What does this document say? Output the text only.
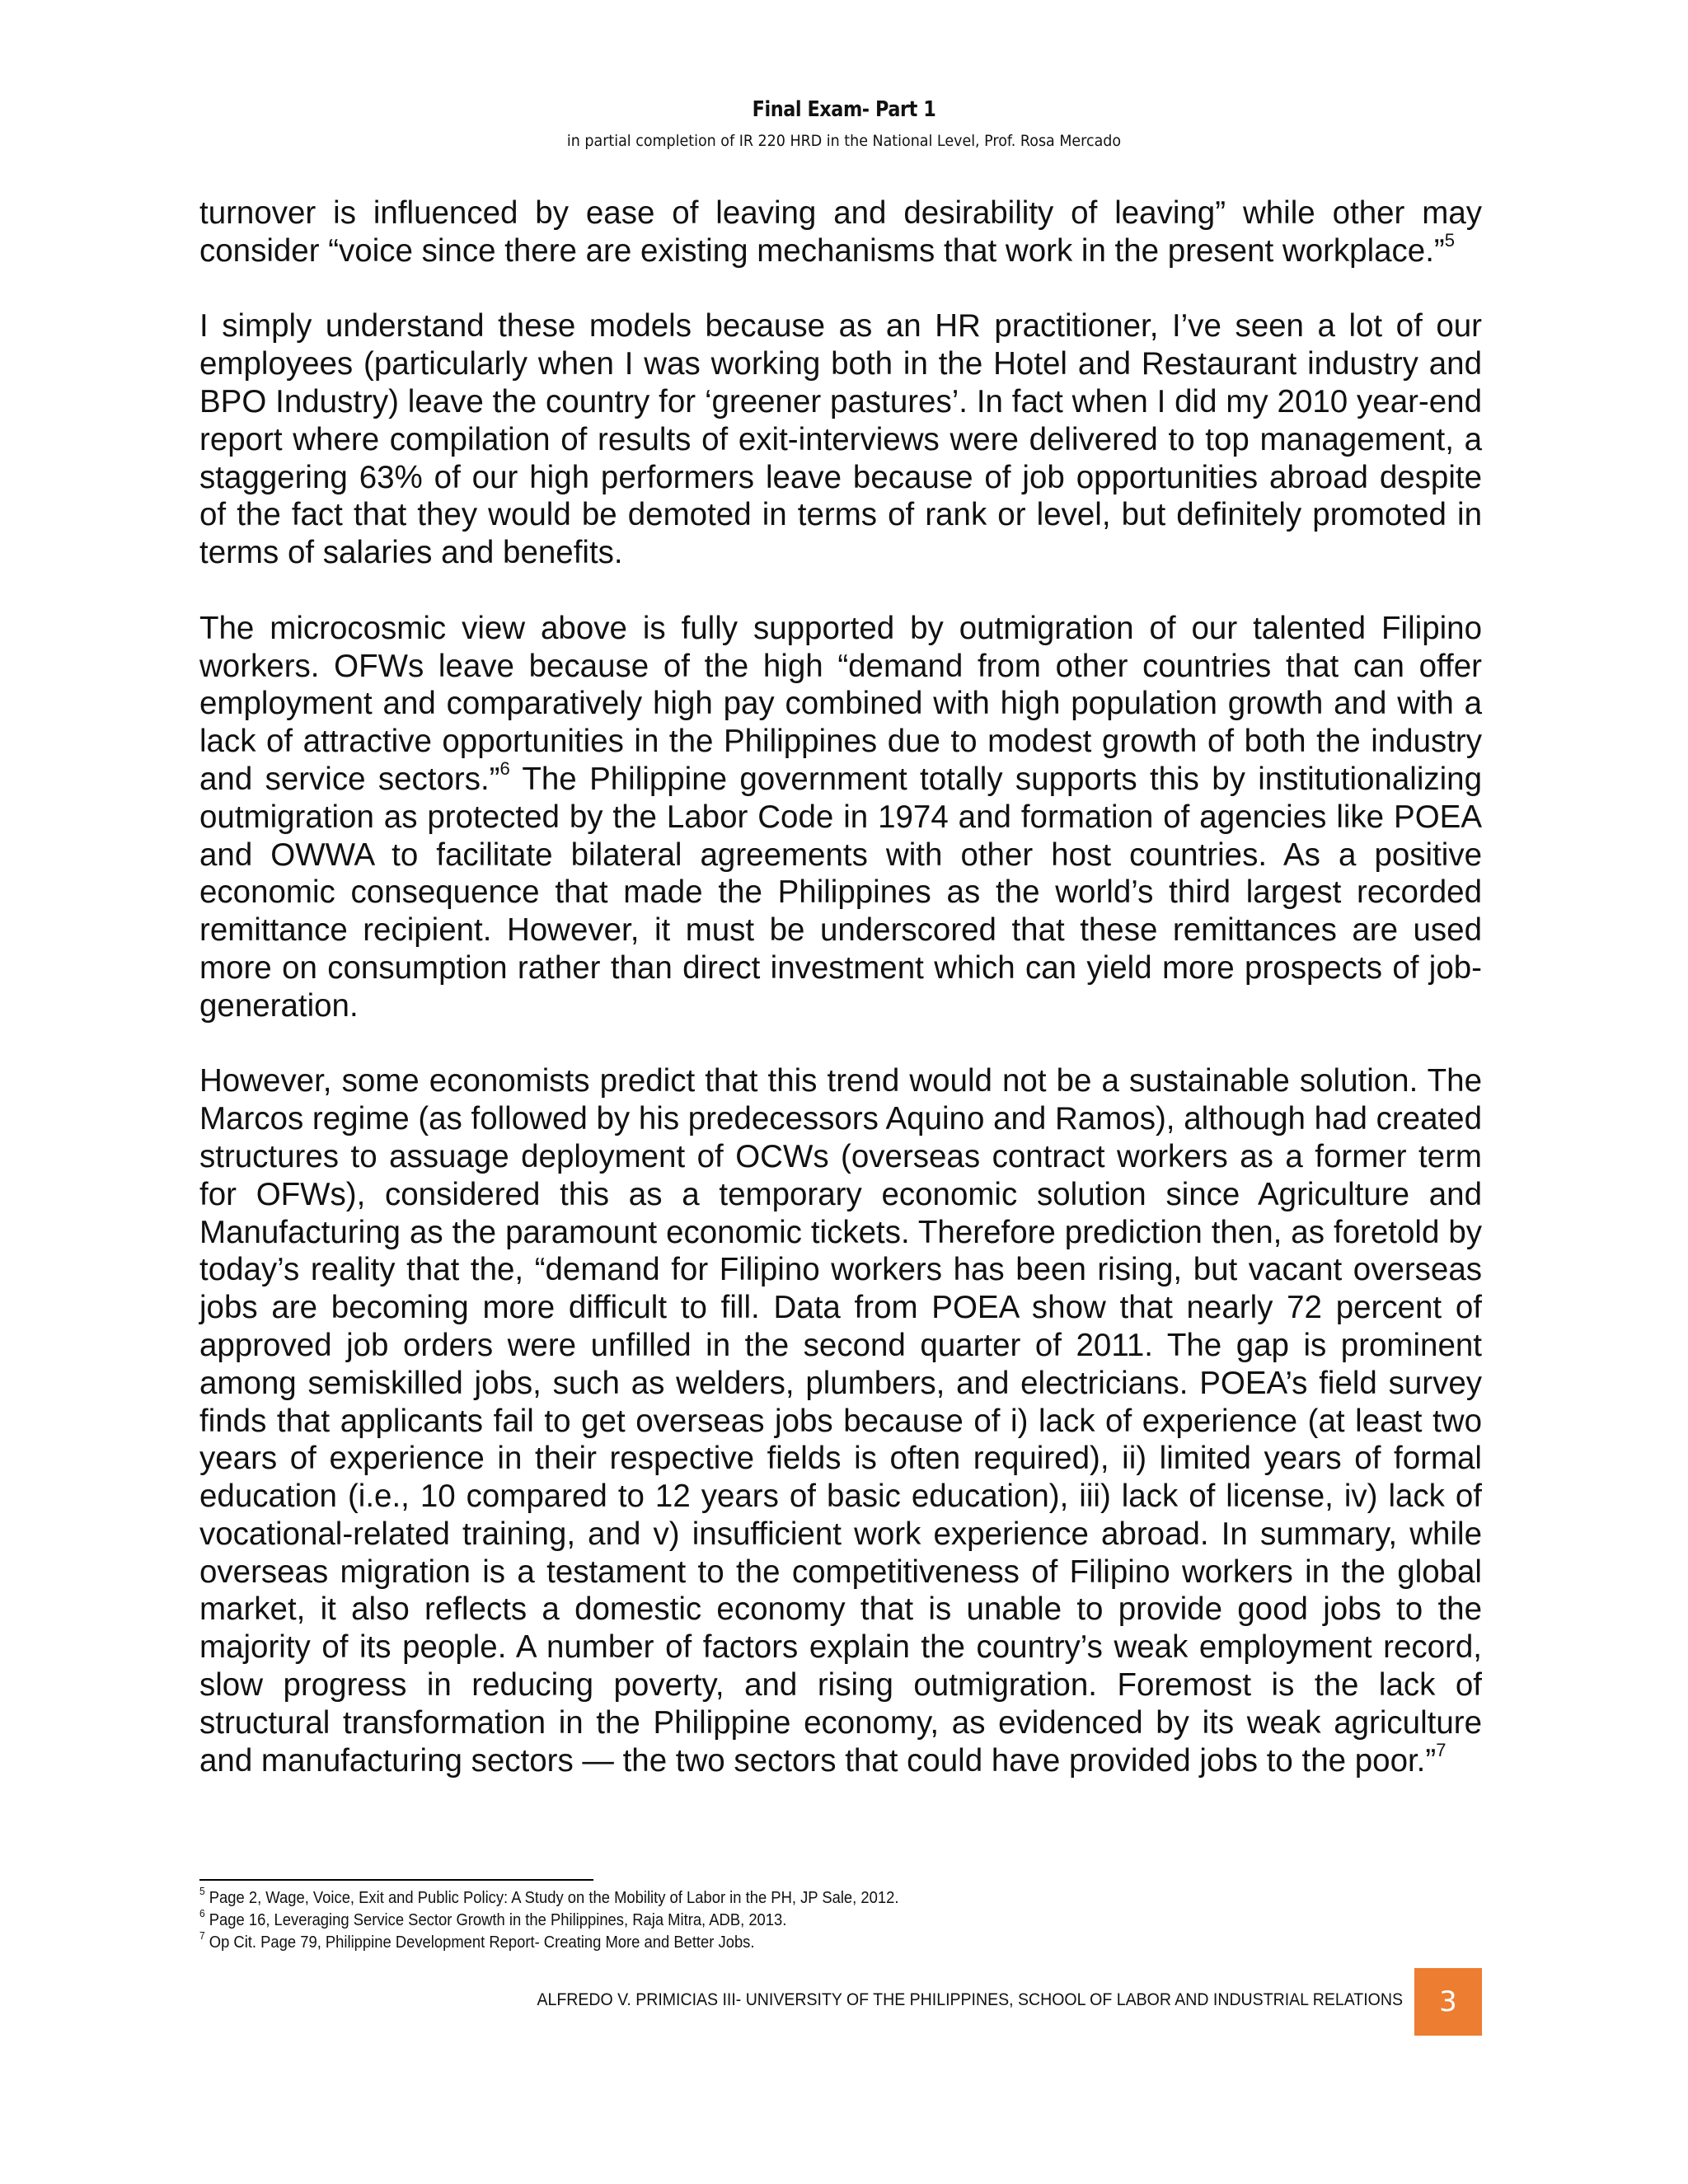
Final Exam- Part 1
in partial completion of IR 220 HRD in the National Level, Prof. Rosa Mercado

turnover is influenced by ease of leaving and desirability of leaving” while other may consider “voice since there are existing mechanisms that work in the present workplace.”$^5$

I simply understand these models because as an HR practitioner, I’ve seen a lot of our employees (particularly when I was working both in the Hotel and Restaurant industry and BPO Industry) leave the country for ‘greener pastures’. In fact when I did my 2010 year-end report where compilation of results of exit-interviews were delivered to top management, a staggering 63% of our high performers leave because of job opportunities abroad despite of the fact that they would be demoted in terms of rank or level, but definitely promoted in terms of salaries and benefits.

The microcosmic view above is fully supported by outmigration of our talented Filipino workers. OFWs leave because of the high “demand from other countries that can offer employment and comparatively high pay combined with high population growth and with a lack of attractive opportunities in the Philippines due to modest growth of both the industry and service sectors.”$^6$ The Philippine government totally supports this by institutionalizing outmigration as protected by the Labor Code in 1974 and formation of agencies like POEA and OWWA to facilitate bilateral agreements with other host countries. As a positive economic consequence that made the Philippines as the world’s third largest recorded remittance recipient. However, it must be underscored that these remittances are used more on consumption rather than direct investment which can yield more prospects of job- generation.

However, some economists predict that this trend would not be a sustainable solution. The Marcos regime (as followed by his predecessors Aquino and Ramos), although had created structures to assuage deployment of OCWs (overseas contract workers as a former term for OFWs), considered this as a temporary economic solution since Agriculture and Manufacturing as the paramount economic tickets. Therefore prediction then, as foretold by today’s reality that the, “demand for Filipino workers has been rising, but vacant overseas jobs are becoming more difficult to fill. Data from POEA show that nearly 72 percent of approved job orders were unfilled in the second quarter of 2011. The gap is prominent among semiskilled jobs, such as welders, plumbers, and electricians. POEA’s field survey finds that applicants fail to get overseas jobs because of i) lack of experience (at least two years of experience in their respective fields is often required), ii) limited years of formal education (i.e., 10 compared to 12 years of basic education), iii) lack of license, iv) lack of vocational-related training, and v) insufficient work experience abroad. In summary, while overseas migration is a testament to the competitiveness of Filipino workers in the global market, it also reflects a domestic economy that is unable to provide good jobs to the majority of its people. A number of factors explain the country’s weak employment record, slow progress in reducing poverty, and rising outmigration. Foremost is the lack of structural transformation in the Philippine economy, as evidenced by its weak agriculture and manufacturing sectors — the two sectors that could have provided jobs to the poor.”$^7$

$^5$ Page 2, Wage, Voice, Exit and Public Policy: A Study on the Mobility of Labor in the PH, JP Sale, 2012.
$^6$ Page 16, Leveraging Service Sector Growth in the Philippines, Raja Mitra, ADB, 2013.
$^7$ Op Cit. Page 79, Philippine Development Report- Creating More and Better Jobs.
ALFREDO V. PRIMICIAS III- UNIVERSITY OF THE PHILIPPINES, SCHOOL OF LABOR AND INDUSTRIAL RELATIONS	3
